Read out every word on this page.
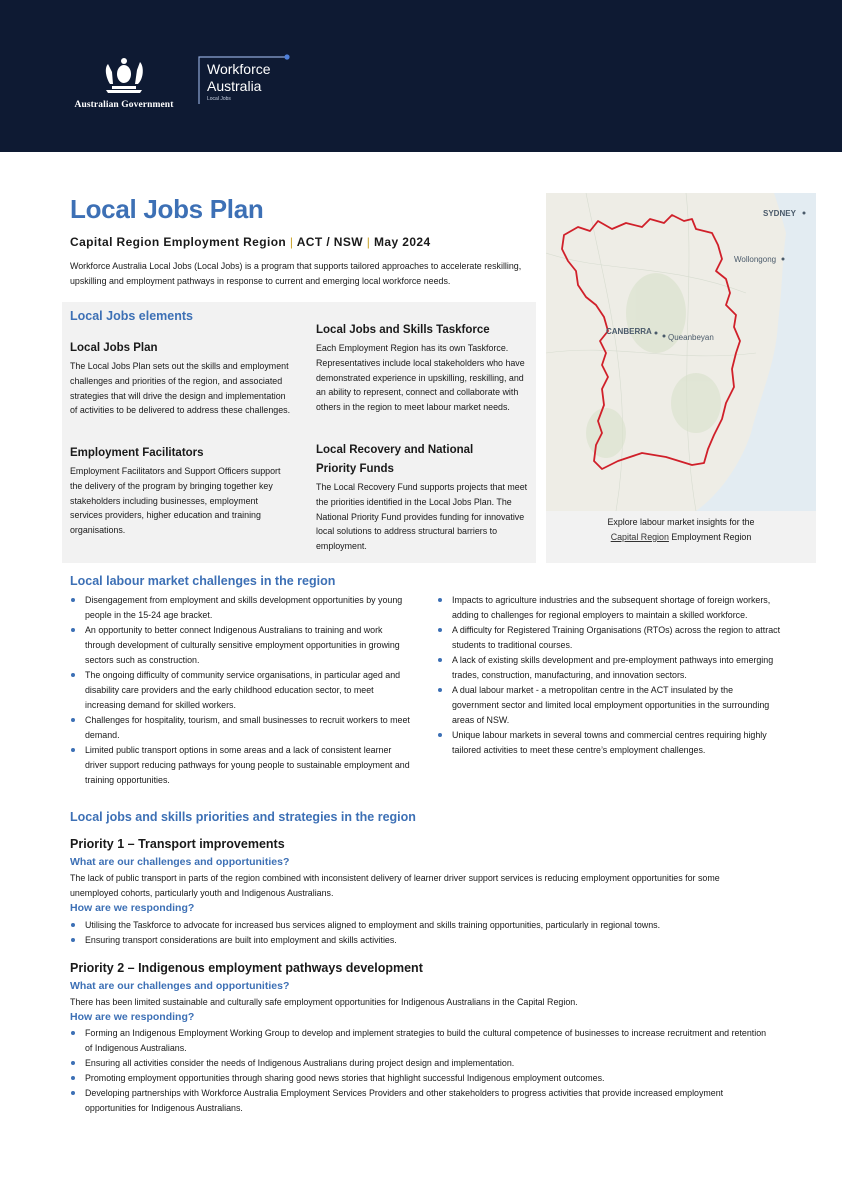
Australian Government
Workforce
Australia
Local Jobs
Local Jobs Plan
Capital Region Employment Region | ACT / NSW | May 2024
Workforce Australia Local Jobs (Local Jobs) is a program that supports tailored approaches to accelerate reskilling, upskilling and employment pathways in response to current and emerging local workforce needs.
Local Jobs elements
Local Jobs Plan
The Local Jobs Plan sets out the skills and employment challenges and priorities of the region, and associated strategies that will drive the design and implementation of activities to be delivered to address these challenges.
Employment Facilitators
Employment Facilitators and Support Officers support the delivery of the program by bringing together key stakeholders including businesses, employment services providers, higher education and training organisations.
Local Jobs and Skills Taskforce
Each Employment Region has its own Taskforce. Representatives include local stakeholders who have demonstrated experience in upskilling, reskilling, and an ability to represent, connect and collaborate with others in the region to meet labour market needs.
Local Recovery and National Priority Funds
The Local Recovery Fund supports projects that meet the priorities identified in the Local Jobs Plan. The National Priority Fund provides funding for innovative local solutions to address structural barriers to employment.
SYDNEY
Wollongong
CANBERRA
Queanbeyan
Explore labour market insights for the
Capital Region Employment Region
Local labour market challenges in the region
Disengagement from employment and skills development opportunities by young people in the 15-24 age bracket.
An opportunity to better connect Indigenous Australians to training and work through development of culturally sensitive employment opportunities in growing sectors such as construction.
The ongoing difficulty of community service organisations, in particular aged and disability care providers and the early childhood education sector, to meet increasing demand for skilled workers.
Challenges for hospitality, tourism, and small businesses to recruit workers to meet demand.
Limited public transport options in some areas and a lack of consistent learner driver support reducing pathways for young people to sustainable employment and training opportunities.
Impacts to agriculture industries and the subsequent shortage of foreign workers, adding to challenges for regional employers to maintain a skilled workforce.
A difficulty for Registered Training Organisations (RTOs) across the region to attract students to traditional courses.
A lack of existing skills development and pre-employment pathways into emerging trades, construction, manufacturing, and innovation sectors.
A dual labour market - a metropolitan centre in the ACT insulated by the government sector and limited local employment opportunities in the surrounding areas of NSW.
Unique labour markets in several towns and commercial centres requiring highly tailored activities to meet these centre’s employment challenges.
Local jobs and skills priorities and strategies in the region
Priority 1 – Transport improvements
What are our challenges and opportunities?
The lack of public transport in parts of the region combined with inconsistent delivery of learner driver support services is reducing employment opportunities for some unemployed cohorts, particularly youth and Indigenous Australians.
How are we responding?
Utilising the Taskforce to advocate for increased bus services aligned to employment and skills training opportunities, particularly in regional towns.
Ensuring transport considerations are built into employment and skills activities.
Priority 2 – Indigenous employment pathways development
What are our challenges and opportunities?
There has been limited sustainable and culturally safe employment opportunities for Indigenous Australians in the Capital Region.
How are we responding?
Forming an Indigenous Employment Working Group to develop and implement strategies to build the cultural competence of businesses to increase recruitment and retention of Indigenous Australians.
Ensuring all activities consider the needs of Indigenous Australians during project design and implementation.
Promoting employment opportunities through sharing good news stories that highlight successful Indigenous employment outcomes.
Developing partnerships with Workforce Australia Employment Services Providers and other stakeholders to progress activities that provide increased employment opportunities for Indigenous Australians.
